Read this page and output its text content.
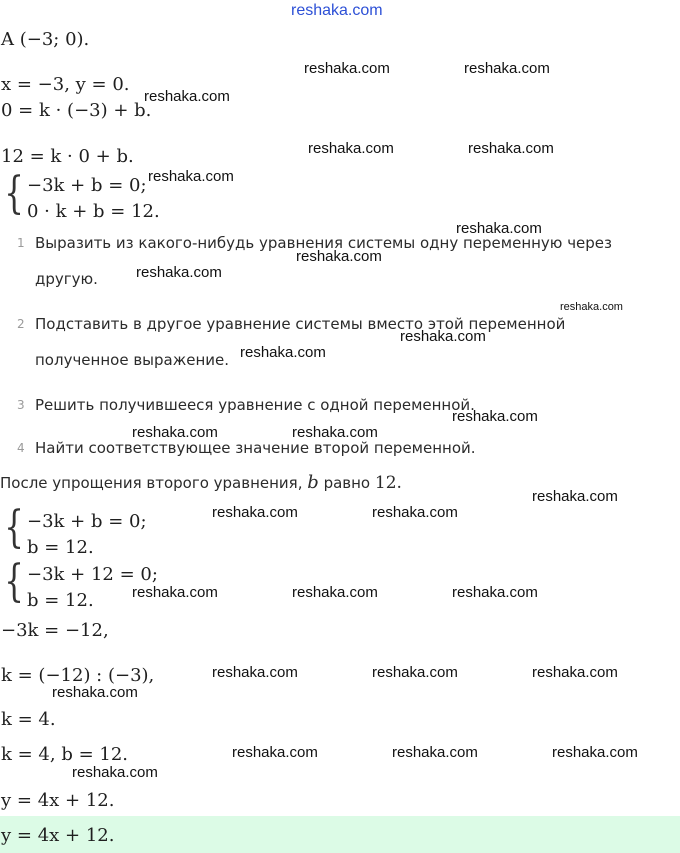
reshaka.com
A (−3; 0).
x = −3, y = 0.
0 = k · (−3) + b.
12 = k · 0 + b.
{ −3k + b = 0;
0 · k + b = 12.
1 Выразить из какого-нибудь уравнения системы одну переменную через
другую.
2 Подставить в другое уравнение системы вместо этой переменной
полученное выражение.
3 Решить получившееся уравнение с одной переменной.
4 Найти соответствующее значение второй переменной.
После упрощения второго уравнения, b равно 12.
{ −3k + b = 0;
b = 12.
{ −3k + 12 = 0;
b = 12.
−3k = −12,
k = (−12) : (−3),
k = 4.
k = 4, b = 12.
y = 4x + 12.
y = 4x + 12.
reshaka.com	reshaka.com
reshaka.com
reshaka.com	reshaka.com
reshaka.com
reshaka.com
reshaka.com
reshaka.com
reshaka.com
reshaka.com
reshaka.com
reshaka.com
reshaka.com	reshaka.com
reshaka.com
reshaka.com	reshaka.com
reshaka.com	reshaka.com	reshaka.com
reshaka.com	reshaka.com	reshaka.com
reshaka.com
reshaka.com	reshaka.com	reshaka.com
reshaka.com
